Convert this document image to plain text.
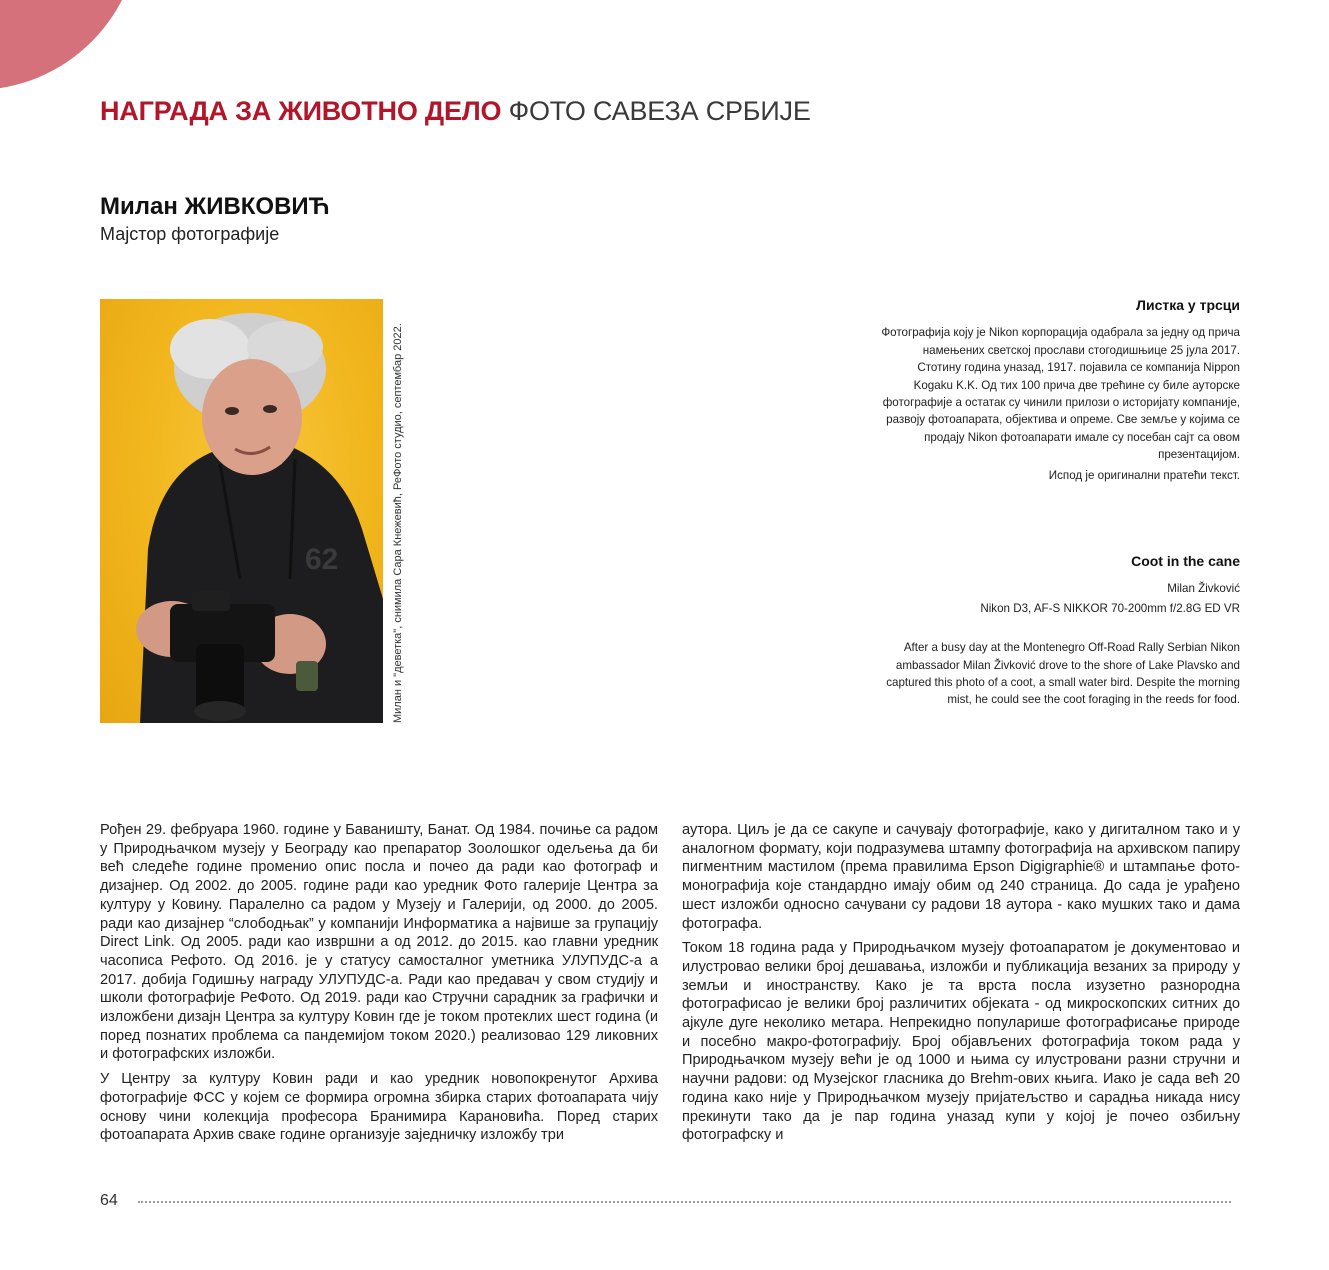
НАГРАДА ЗА ЖИВОТНО ДЕЛО ФОТО САВЕЗА СРБИЈЕ
Милан ЖИВКОВИЋ
Мајстор фотографије
62	Милан и "деветка", снимила Сара Кнежевић, РеФото студио, септембар 2022.
Листка у трсци

Фотографија коју је Nikon корпорација одабрала за једну од прича намењених светској прослави стогодишњице 25 јула 2017. Стотину година уназад, 1917. појавила се компанија Nippon Kogaku K.K. Од тих 100 прича две трећине су биле ауторске фотографије а остатак су чинили прилози о историјату компаније, развоју фотоапарата, објектива и опреме. Све земље у којима се продају Nikon фотоапарати имале су посебан сајт са овом презентацијом.

Испод је оригинални пратећи текст.

Coot in the cane

Milan Živković

Nikon D3, AF-S NIKKOR 70-200mm f/2.8G ED VR

After a busy day at the Montenegro Off-Road Rally Serbian Nikon ambassador Milan Živković drove to the shore of Lake Plavsko and captured this photo of a coot, a small water bird. Despite the morning mist, he could see the coot foraging in the reeds for food.

Рођен 29. фебруара 1960. године у Баваништу, Банат. Од 1984. почиње са радом у Природњачком музеју у Београду као препаратор Зоолошког одељења да би већ следеће године променио опис посла и почео да ради као фотограф и дизајнер. Од 2002. до 2005. године ради као уредник Фото галерије Центра за културу у Ковину. Паралелно са радом у Музеју и Галерији, од 2000. до 2005. ради као дизајнер “слободњак” у компанији Информатика а највише за групацију Direct Link. Од 2005. ради као извршни а од 2012. до 2015. као главни уредник часописа Рефото. Од 2016. је у статусу самосталног уметника УЛУПУДС-а а 2017. добија Годишњу награду УЛУПУДС-а. Ради као предавач у свом студију и школи фотографије РеФото. Од 2019. ради као Стручни сарадник за графички и изложбени дизајн Центра за културу Ковин где је током протеклих шест година (и поред познатих проблема са пандемијом током 2020.) реализовао 129 ликовних и фотографских изложби.

У Центру за културу Ковин ради и као уредник новопокренутог Архива фотографије ФСС у којем се формира огромна збирка старих фотоапарата чију основу чини колекција професора Бранимира Карановића. Поред старих фотоапарата Архив сваке године организује заједничку изложбу три

аутора. Циљ је да се сакупе и сачувају фотографије, како у дигиталном тако и у аналогном формату, који подразумева штампу фотографија на архивском папиру пигментним мастилом (према правилима Epson Digigraphie® и штампање фото-монографија које стандардно имају обим од 240 страница. До сада је урађено шест изложби односно сачувани су радови 18 аутора - како мушких тако и дама фотографа.

Током 18 година рада у Природњачком музеју фотоапаратом је документовао и илустровао велики број дешавања, изложби и публикација везаних за природу у земљи и иностранству. Како је та врста посла изузетно разнородна фотографисао је велики број различитих објеката - од микроскопских ситних до ајкуле дуге неколико метара. Непрекидно популарише фотографисање природе и посебно макро-фотографију. Број објављених фотографија током рада у Природњачком музеју већи је од 1000 и њима су илустровани разни стручни и научни радови: од Музејског гласника до Brehm-ових књига. Иако је сада већ 20 година како није у Природњачком музеју пријатељство и сарадња никада нису прекинути тако да је пар година уназад купи у којој је почео озбиљну фотографску и

64
